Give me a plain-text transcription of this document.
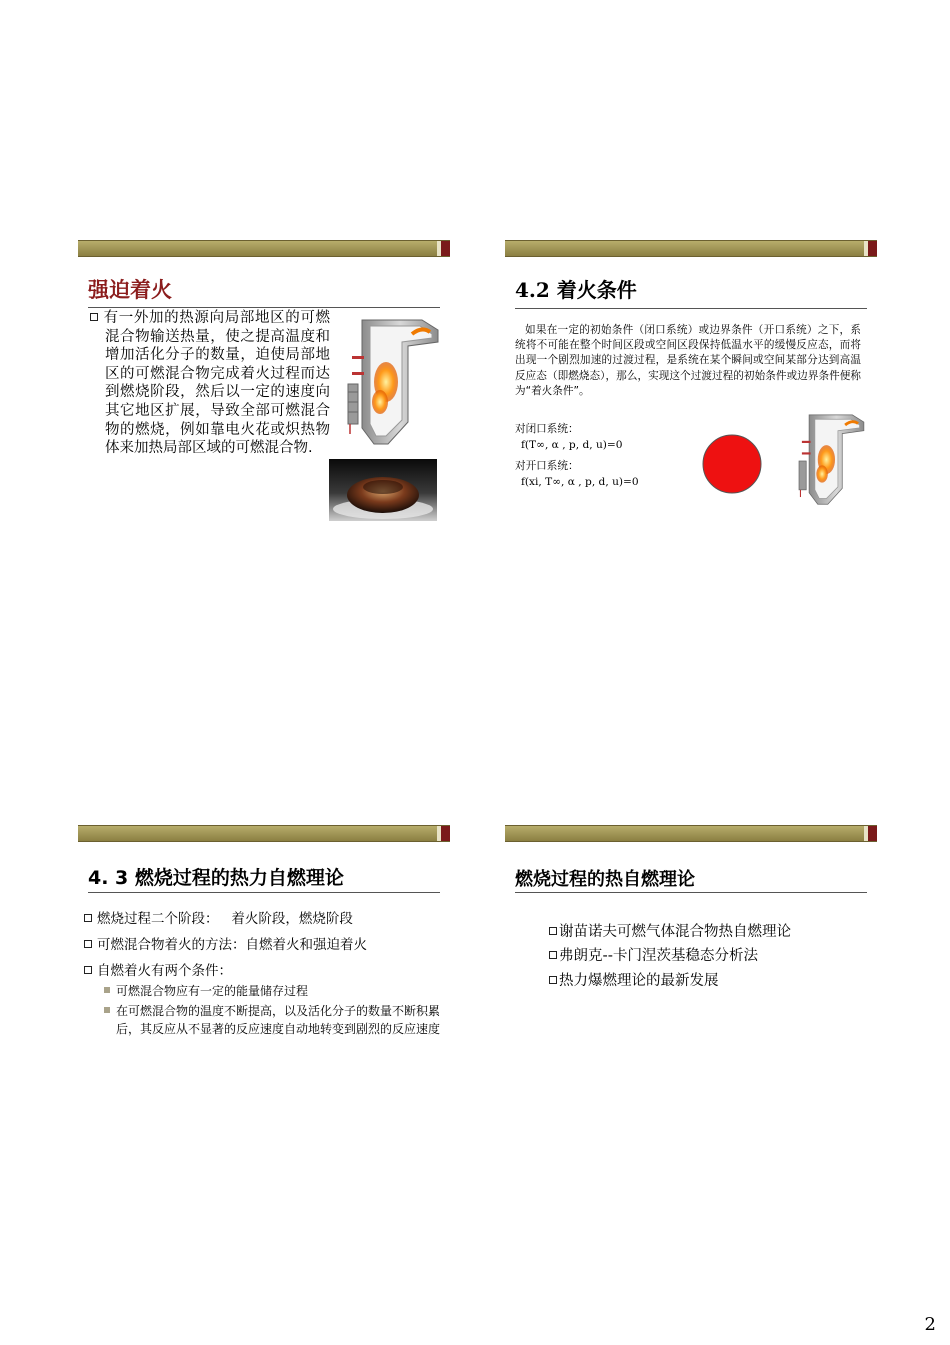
强迫着火
有一外加的热源向局部地区的可燃混合物输送热量，使之提高温度和增加活化分子的数量，迫使局部地区的可燃混合物完成着火过程而达到燃烧阶段，然后以一定的速度向其它地区扩展，导致全部可燃混合物的燃烧，例如靠电火花或炽热物体来加热局部区域的可燃混合物.
4.2 着火条件
如果在一定的初始条件（闭口系统）或边界条件（开口系统）之下，系统将不可能在整个时间区段或空间区段保持低温水平的缓慢反应态，而将出现一个剧烈加速的过渡过程，是系统在某个瞬间或空间某部分达到高温反应态（即燃烧态），那么，实现这个过渡过程的初始条件或边界条件便称为“着火条件”。
对闭口系统：
f(T∞, α , p, d, u)=0
对开口系统：
f(xi, T∞, α , p, d, u)=0
4. 3 燃烧过程的热力自燃理论
燃烧过程二个阶段：   着火阶段，燃烧阶段
可燃混合物着火的方法：自燃着火和强迫着火
自燃着火有两个条件：
可燃混合物应有一定的能量储存过程
在可燃混合物的温度不断提高，以及活化分子的数量不断积累后，其反应从不显著的反应速度自动地转变到剧烈的反应速度
燃烧过程的热自燃理论
谢苗诺夫可燃气体混合物热自燃理论
弗朗克--卡门涅茨基稳态分析法
热力爆燃理论的最新发展
2
